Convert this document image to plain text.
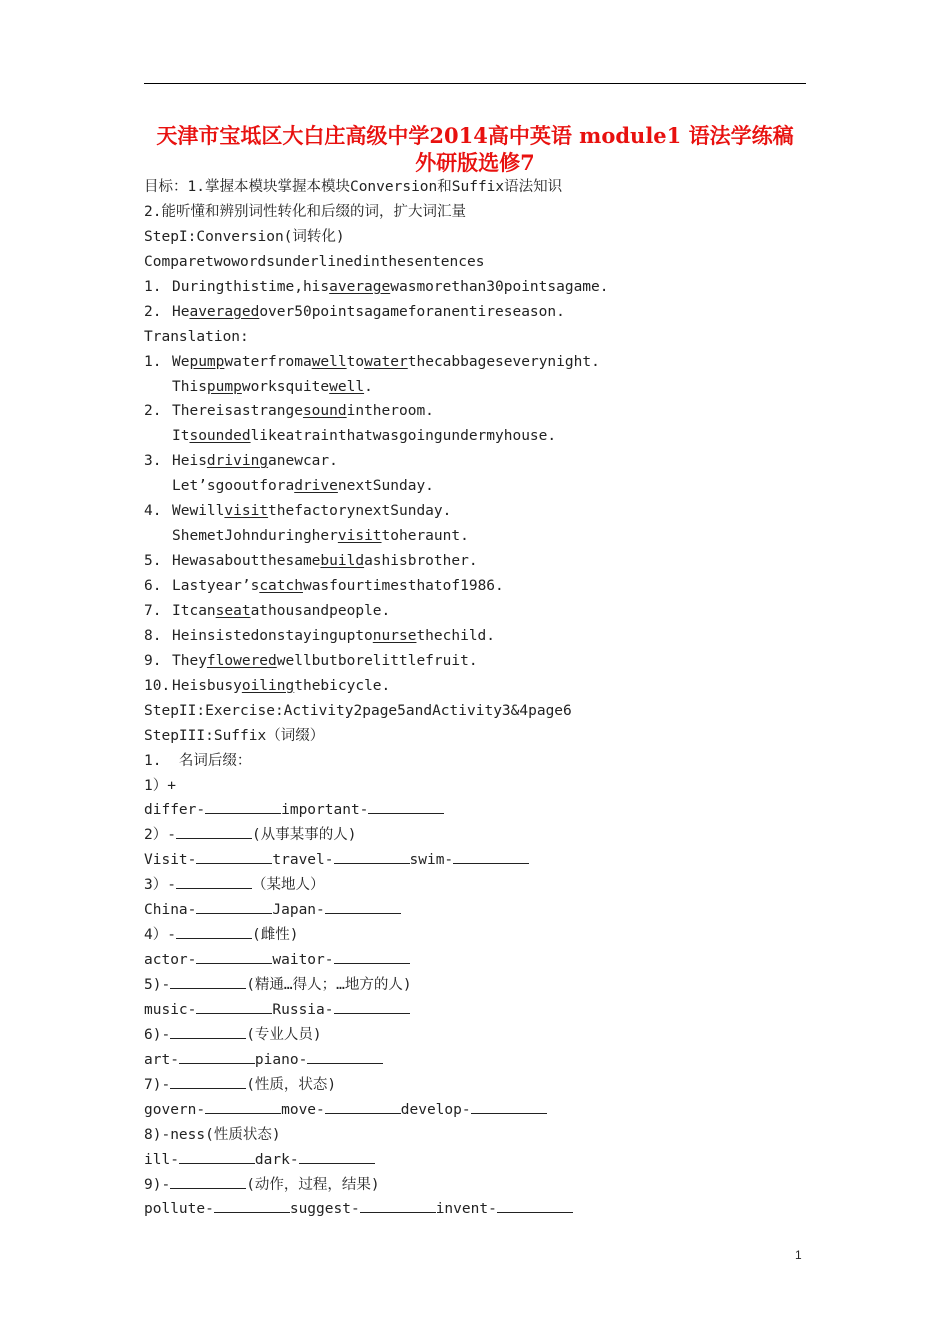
天津市宝坻区大白庄高级中学2014高中英语 module1 语法学练稿
外研版选修7
目标：1.掌握本模块掌握本模块Conversion和Suffix语法知识
2.能听懂和辨别词性转化和后缀的词，扩大词汇量
StepI:Conversion(词转化)
Comparetwowordsunderlinedinthesentences
1. Duringthistime,hisaveragewasmorethan30pointsagame.
2. Heaveragedover50pointsagameforanentireseason.
Translation:
1. Wepumpwaterfromawelltowaterthecabbageseverynight.
Thispumpworksquitewell.
2. Thereisastrangesoundintheroom.
Itsoundedlikeatrainthatwasgoingundermyhouse.
3. Heisdrivinganewcar.
Let’sgooutforadrivenextSunday.
4. WewillvisitthefactorynextSunday.
ShemetJohnduringhervisittoheraunt.
5. Hewasaboutthesamebuildashisbrother.
6. Lastyear’scatchwasfourtimesthatof1986.
7. Itcanseatathousandpeople.
8. Heinsistedonstayinguptonursethechild.
9. Theyfloweredwellbutborelittlefruit.
10. Heisbusyoilingthebicycle.
StepII:Exercise:Activity2page5andActivity3&4page6
StepIII:Suffix（词缀）
1.  名词后缀：
1）+
differ-	important-
2）-	(从事某事的人)
Visit-	travel-	swim-
3）-	（某地人）
China-	Japan-
4）-	(雌性)
actor-	waitor-
5)-	(精通…得人；…地方的人)
music-	Russia-
6)-	(专业人员)
art-	piano-
7)-	(性质，状态)
govern-	move-	develop-
8)-ness(性质状态)
ill-	dark-
9)-	(动作，过程，结果)
pollute-	suggest-	invent-
1
